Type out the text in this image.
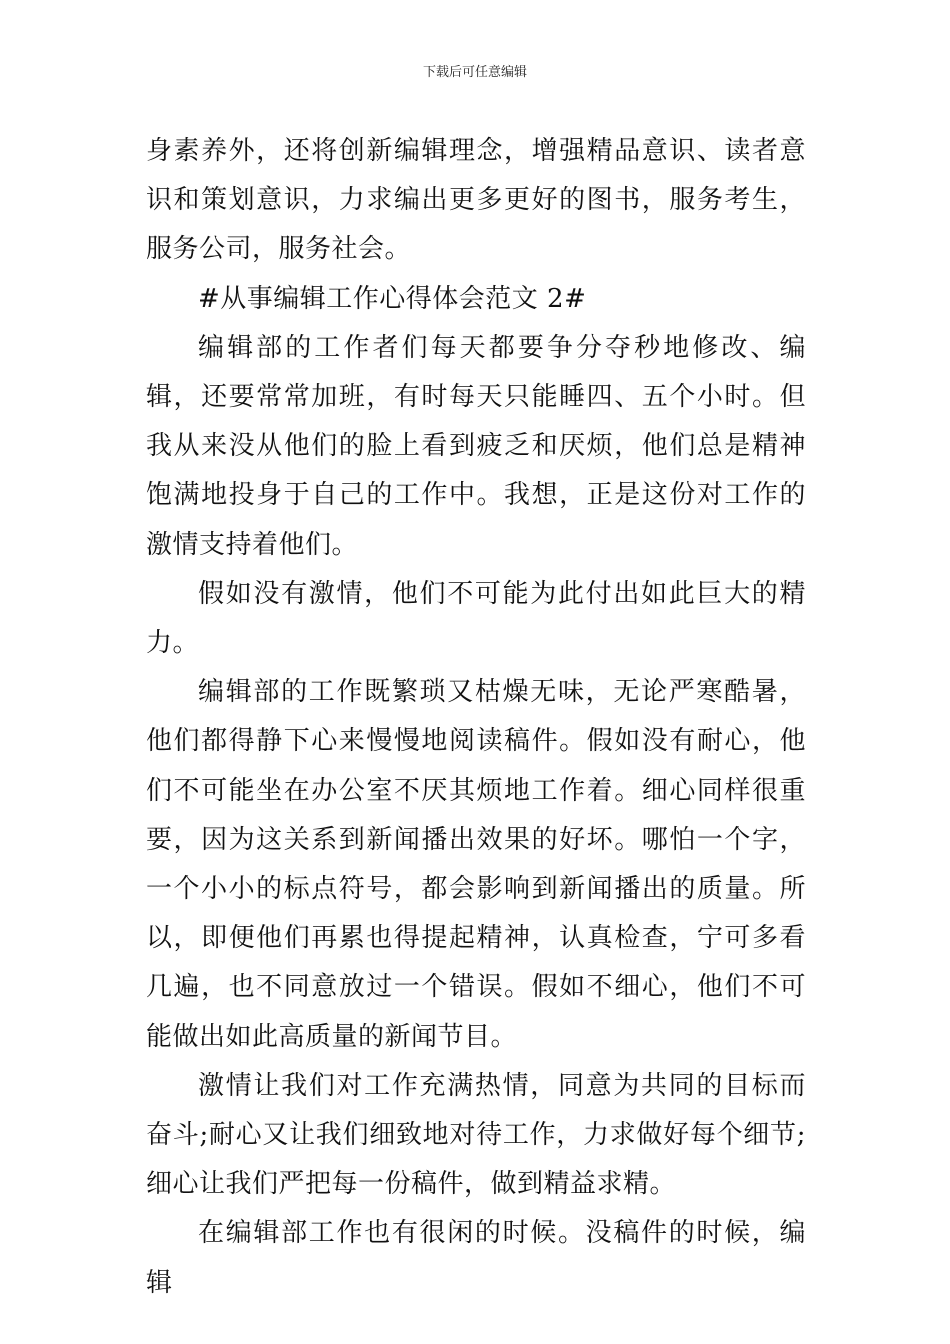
下载后可任意编辑

身素养外，还将创新编辑理念，增强精品意识、读者意识和策划意识，力求编出更多更好的图书，服务考生，服务公司，服务社会。

#从事编辑工作心得体会范文 2#

编辑部的工作者们每天都要争分夺秒地修改、编辑，还要常常加班，有时每天只能睡四、五个小时。但我从来没从他们的脸上看到疲乏和厌烦，他们总是精神饱满地投身于自己的工作中。我想，正是这份对工作的激情支持着他们。

假如没有激情，他们不可能为此付出如此巨大的精力。

编辑部的工作既繁琐又枯燥无味，无论严寒酷暑，他们都得静下心来慢慢地阅读稿件。假如没有耐心，他们不可能坐在办公室不厌其烦地工作着。细心同样很重要，因为这关系到新闻播出效果的好坏。哪怕一个字，一个小小的标点符号，都会影响到新闻播出的质量。所以，即便他们再累也得提起精神，认真检查，宁可多看几遍，也不同意放过一个错误。假如不细心，他们不可能做出如此高质量的新闻节目。

激情让我们对工作充满热情，同意为共同的目标而奋斗;耐心又让我们细致地对待工作，力求做好每个细节;细心让我们严把每一份稿件，做到精益求精。

在编辑部工作也有很闲的时候。没稿件的时候，编辑
